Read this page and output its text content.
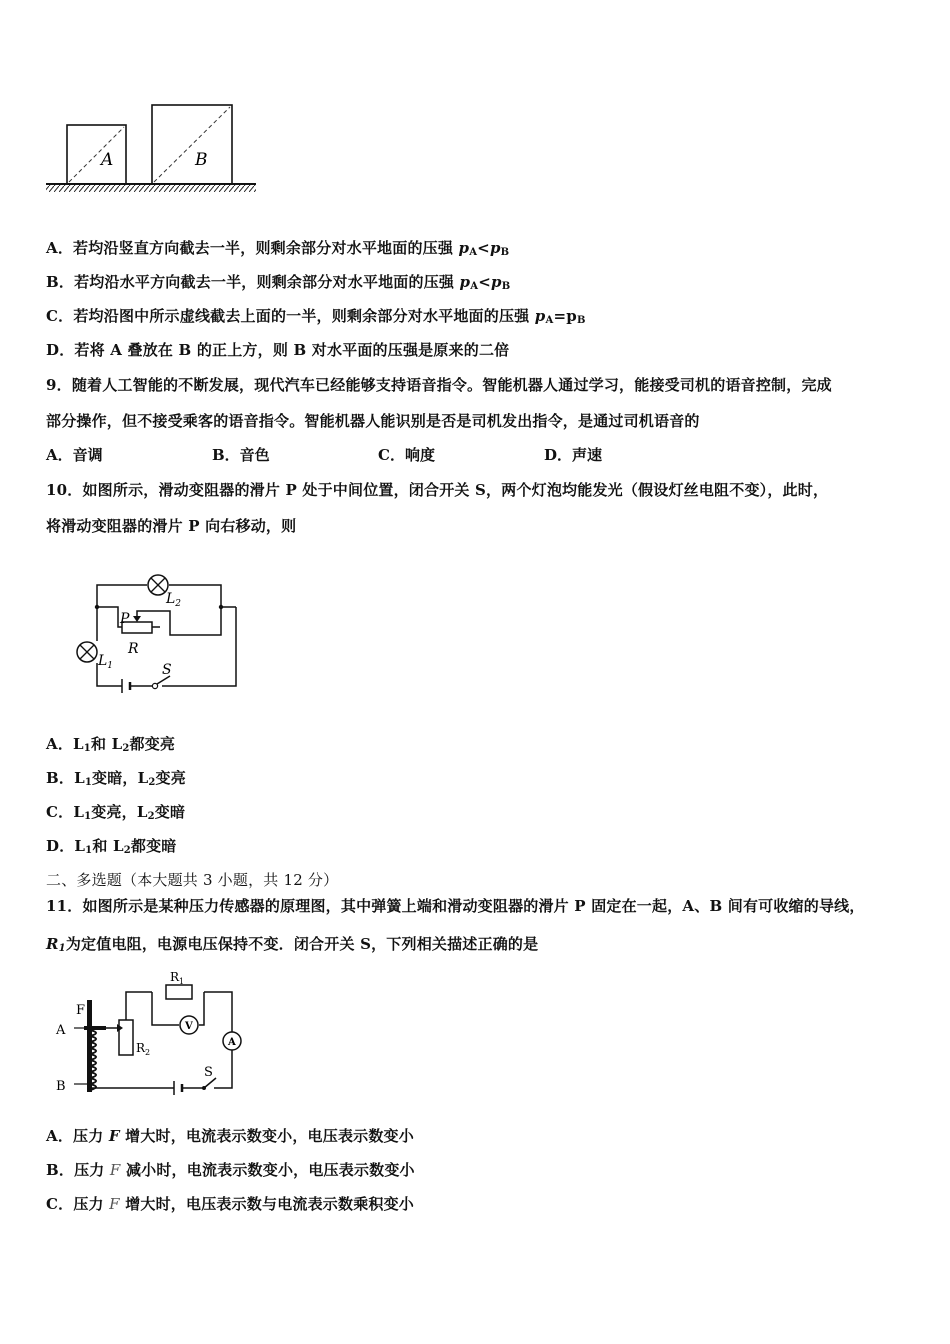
A	B
A．若均沿竖直方向截去一半，则剩余部分对水平地面的压强 $p_A<p_B$
B．若均沿水平方向截去一半，则剩余部分对水平地面的压强 $p_A<p_B$
C．若均沿图中所示虚线截去上面的一半，则剩余部分对水平地面的压强 $p_A=p_B$
D．若将 A 叠放在 B 的正上方，则 B 对水平面的压强是原来的二倍
9．随着人工智能的不断发展，现代汽车已经能够支持语音指令。智能机器人通过学习，能接受司机的语音控制，完成
部分操作，但不接受乘客的语音指令。智能机器人能识别是否是司机发出指令，是通过司机语音的
A．音调	B．音色	C．响度	D．声速
10．如图所示，滑动变阻器的滑片 P 处于中间位置，闭合开关 S，两个灯泡均能发光（假设灯丝电阻不变），此时，
将滑动变阻器的滑片 P 向右移动，则
$L_2$
P
R
$L_1$	S
A．$L_1$和 $L_2$都变亮
B．$L_1$变暗，$L_2$变亮
C．$L_1$变亮，$L_2$变暗
D．$L_1$和 $L_2$都变暗
二、多选题（本大题共 3 小题，共 12 分）
11．如图所示是某种压力传感器的原理图，其中弹簧上端和滑动变阻器的滑片 P 固定在一起，A、B 间有可收缩的导线，
$R_1$为定值电阻，电源电压保持不变．闭合开关 S，下列相关描述正确的是
V
A
F
A
B
$R_1$
$R_2$
S
A．压力 F 增大时，电流表示数变小，电压表示数变小
B．压力 F 减小时，电流表示数变小，电压表示数变小
C．压力 F 增大时，电压表示数与电流表示数乘积变小
